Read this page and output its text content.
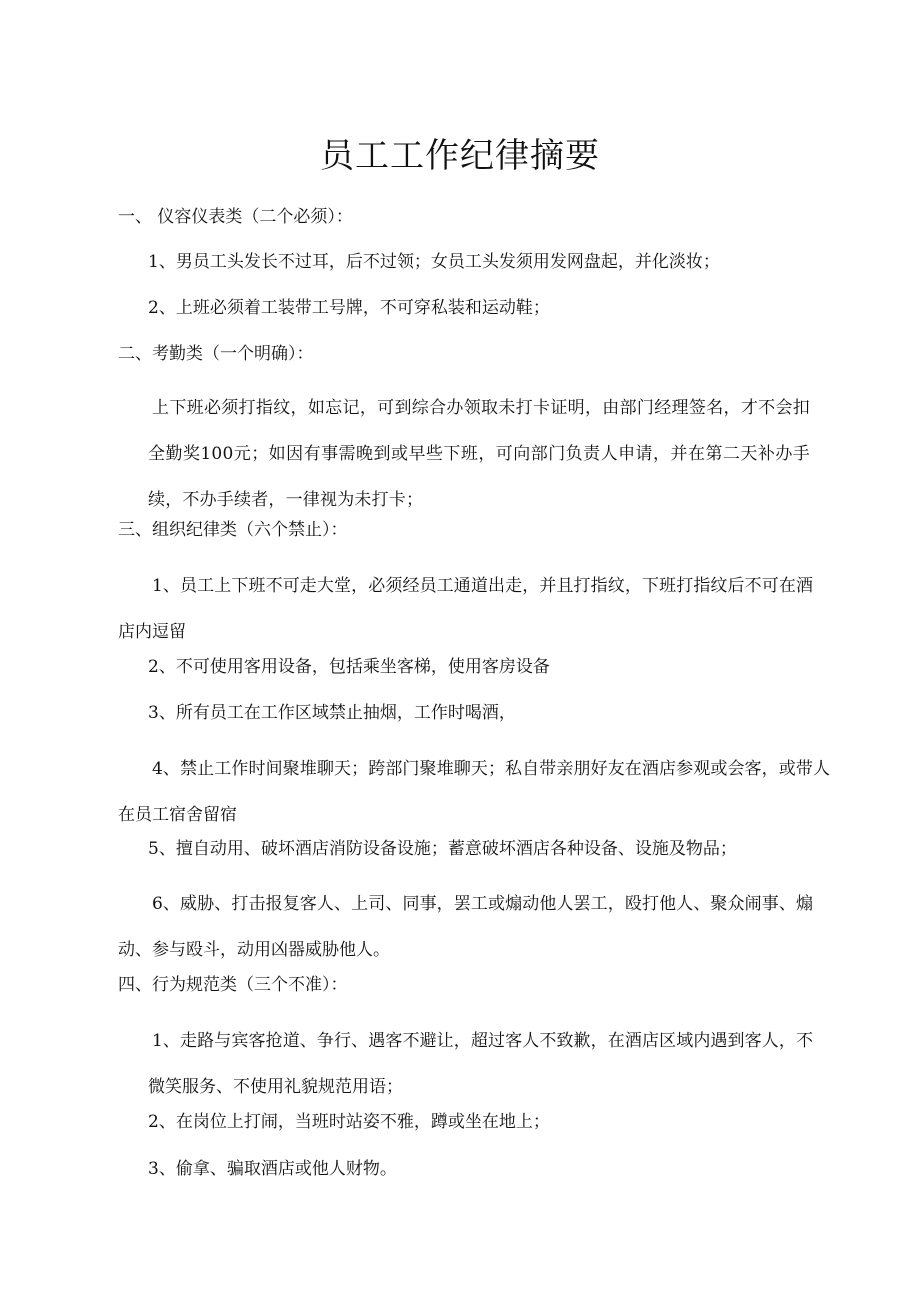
员工工作纪律摘要
一、 仪容仪表类（二个必须）：
1、男员工头发长不过耳，后不过领；女员工头发须用发网盘起，并化淡妆；
2、上班必须着工装带工号牌，不可穿私装和运动鞋；
二、考勤类（一个明确）：
上下班必须打指纹，如忘记，可到综合办领取未打卡证明，由部门经理签名，才不会扣全勤奖100元；如因有事需晚到或早些下班，可向部门负责人申请，并在第二天补办手续，不办手续者，一律视为未打卡；
三、组织纪律类（六个禁止）：
1、员工上下班不可走大堂，必须经员工通道出走，并且打指纹，下班打指纹后不可在酒店内逗留
2、不可使用客用设备，包括乘坐客梯，使用客房设备
3、所有员工在工作区域禁止抽烟，工作时喝酒，
4、禁止工作时间聚堆聊天；跨部门聚堆聊天；私自带亲朋好友在酒店参观或会客，或带人在员工宿舍留宿
5、擅自动用、破坏酒店消防设备设施；蓄意破坏酒店各种设备、设施及物品；
6、威胁、打击报复客人、上司、同事，罢工或煽动他人罢工，殴打他人、聚众闹事、煽动、参与殴斗，动用凶器威胁他人。
四、行为规范类（三个不准）：
1、走路与宾客抢道、争行、遇客不避让，超过客人不致歉，在酒店区域内遇到客人，不微笑服务、不使用礼貌规范用语；
2、在岗位上打闹，当班时站姿不雅，蹲或坐在地上；
3、偷拿、骗取酒店或他人财物。
